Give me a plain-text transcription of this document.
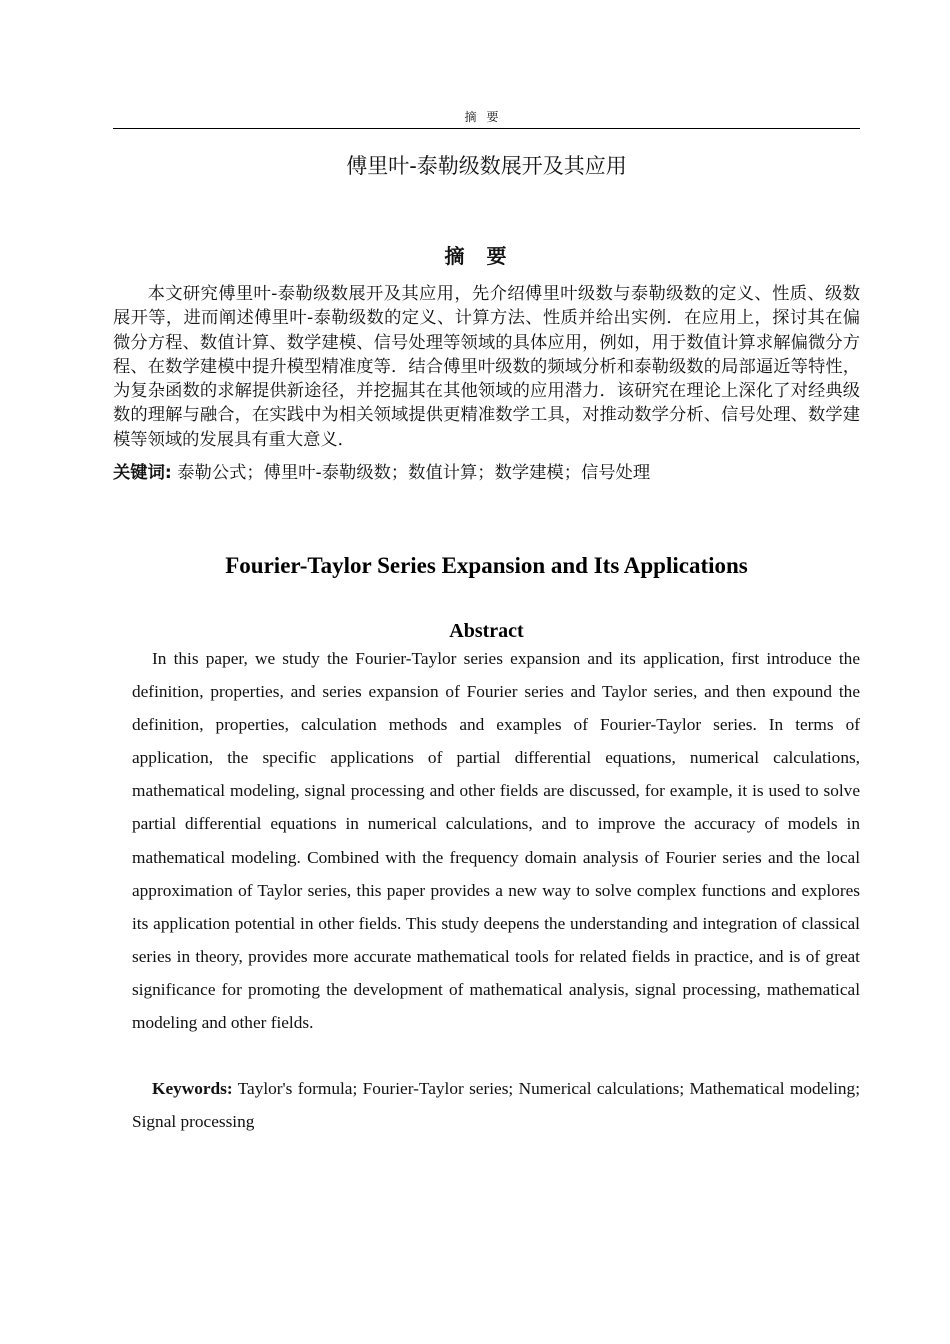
摘要
傅里叶-泰勒级数展开及其应用
摘要

本文研究傅里叶-泰勒级数展开及其应用，先介绍傅里叶级数与泰勒级数的定义、性质、级数展开等，进而阐述傅里叶-泰勒级数的定义、计算方法、性质并给出实例．在应用上，探讨其在偏微分方程、数值计算、数学建模、信号处理等领域的具体应用，例如，用于数值计算求解偏微分方程、在数学建模中提升模型精准度等．结合傅里叶级数的频域分析和泰勒级数的局部逼近等特性，为复杂函数的求解提供新途径，并挖掘其在其他领域的应用潜力．该研究在理论上深化了对经典级数的理解与融合，在实践中为相关领域提供更精准数学工具，对推动数学分析、信号处理、数学建模等领域的发展具有重大意义．

关键词: 泰勒公式；傅里叶-泰勒级数；数值计算；数学建模；信号处理

Fourier-Taylor Series Expansion and Its Applications
Abstract

In this paper, we study the Fourier-Taylor series expansion and its application, first introduce the definition, properties, and series expansion of Fourier series and Taylor series, and then expound the definition, properties, calculation methods and examples of Fourier-Taylor series. In terms of application, the specific applications of partial differential equations, numerical calculations, mathematical modeling, signal processing and other fields are discussed, for example, it is used to solve partial differential equations in numerical calculations, and to improve the accuracy of models in mathematical modeling. Combined with the frequency domain analysis of Fourier series and the local approximation of Taylor series, this paper provides a new way to solve complex functions and explores its application potential in other fields. This study deepens the understanding and integration of classical series in theory, provides more accurate mathematical tools for related fields in practice, and is of great significance for promoting the development of mathematical analysis, signal processing, mathematical modeling and other fields.

Keywords: Taylor's formula; Fourier-Taylor series; Numerical calculations; Mathematical modeling; Signal processing
